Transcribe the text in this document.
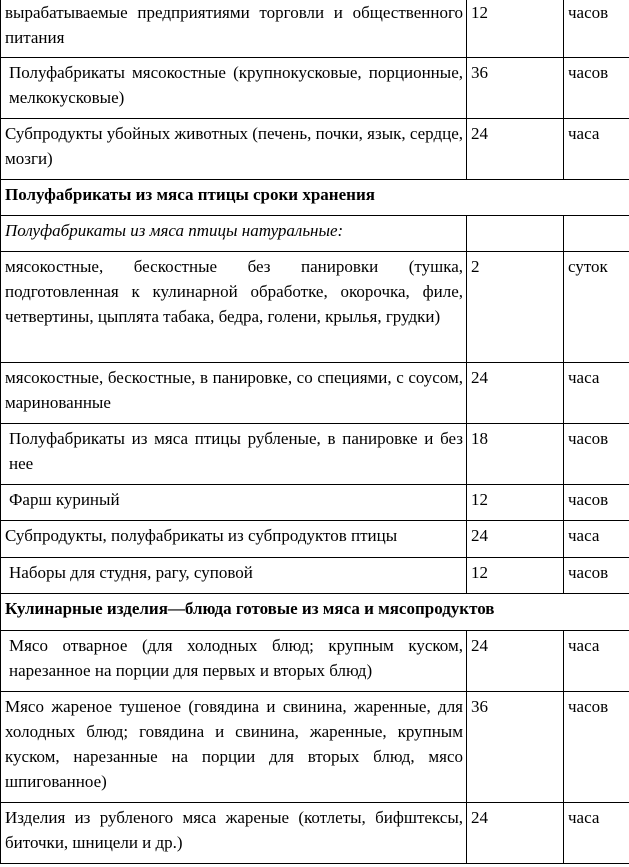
вырабатываемые предприятиями торговли и общественного питания	12	часов
Полуфабрикаты мясокостные (крупнокусковые, порционные, мелкокусковые)	36	часов
Субпродукты убойных животных (печень, почки, язык, сердце, мозги)	24	часа
Полуфабрикаты из мяса птицы сроки хранения		
Полуфабрикаты из мяса птицы натуральные:		
мясокостные, бескостные без панировки (тушка, подготовленная к кулинарной обработке, окорочка, филе, четвертины, цыплята табака, бедра, голени, крылья, грудки)	2	суток
мясокостные, бескостные, в панировке, со специями, с соусом, маринованные	24	часа
Полуфабрикаты из мяса птицы рубленые, в панировке и без нее	18	часов
Фарш куриный	12	часов
Субпродукты, полуфабрикаты из субпродуктов птицы	24	часа
Наборы для студня, рагу, суповой	12	часов
Кулинарные изделия—блюда готовые из мяса и мясопродуктов		
Мясо отварное (для холодных блюд; крупным куском, нарезанное на порции для первых и вторых блюд)	24	часа
Мясо жареное тушеное (говядина и свинина, жаренные, для холодных блюд; говядина и свинина, жаренные, крупным куском, нарезанные на порции для вторых блюд, мясо шпигованное)	36	часов
Изделия из рубленого мяса жареные (котлеты, бифштексы, биточки, шницели и др.)	24	часа
